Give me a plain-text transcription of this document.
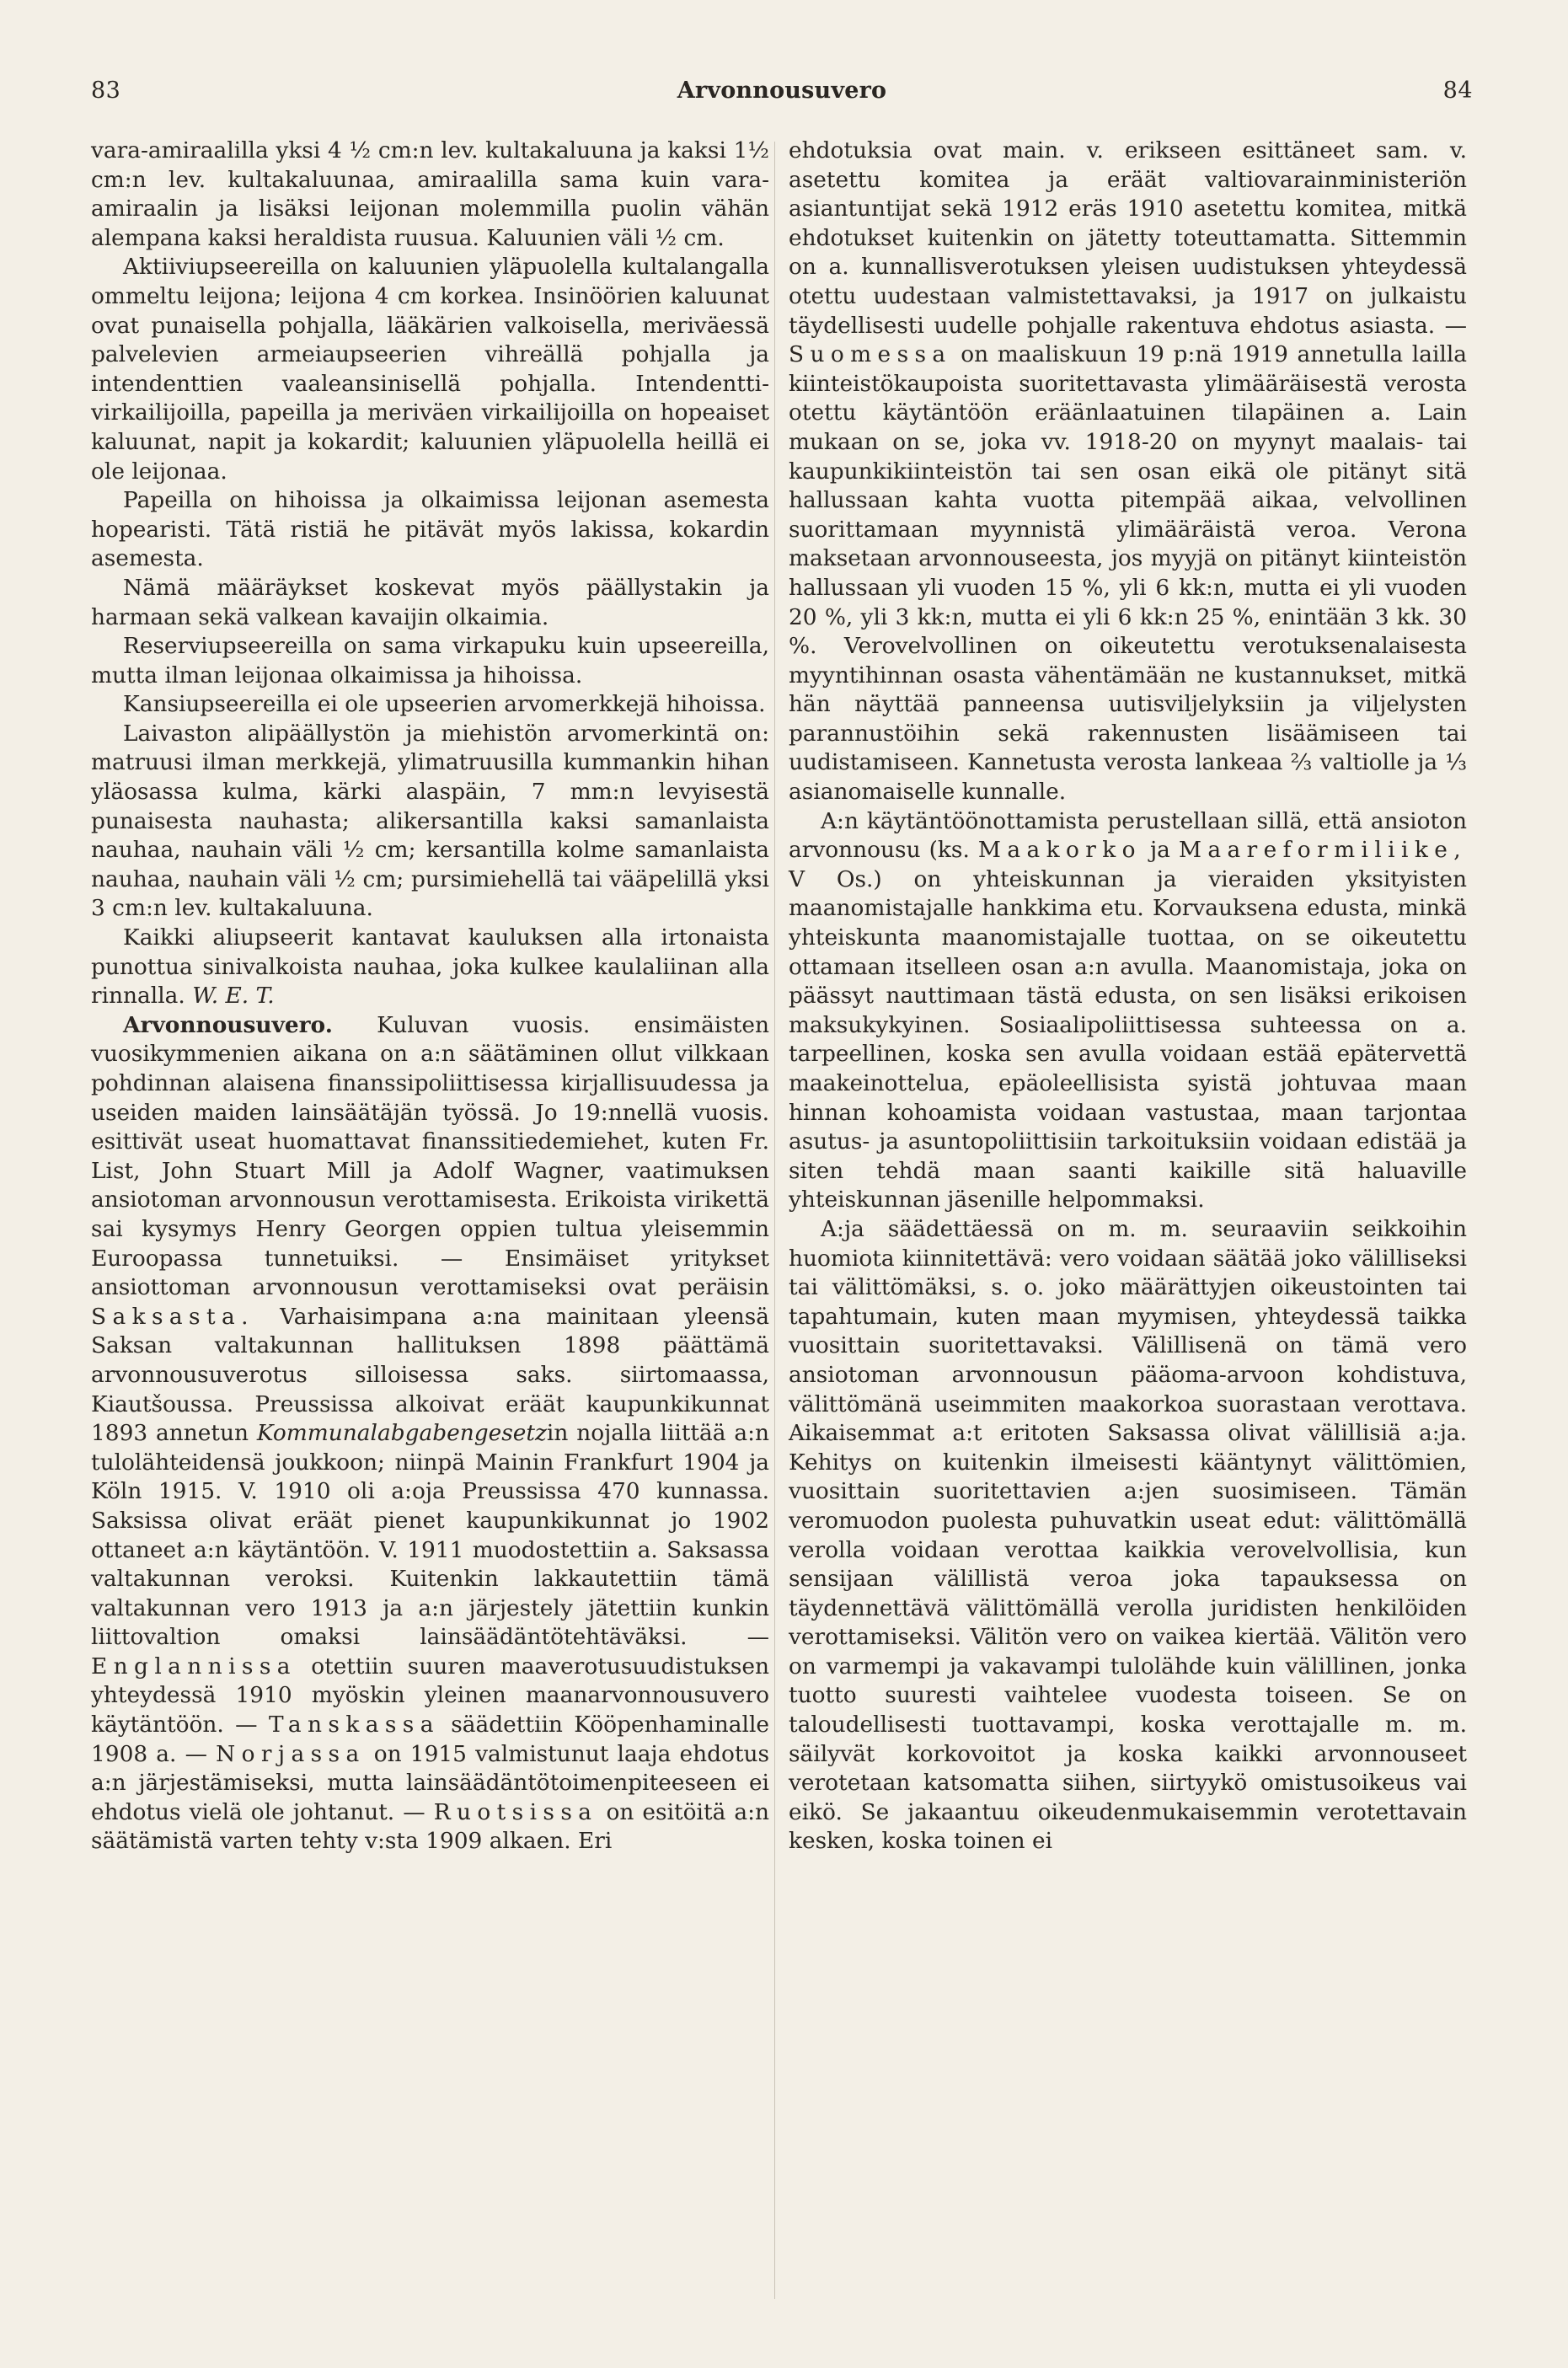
83	Arvonnousuvero	84

vara-amiraalilla yksi 4 ½ cm:n lev. kultakaluuna ja kaksi 1½ cm:n lev. kultakaluunaa, amiraalilla sama kuin vara-amiraalin ja lisäksi leijonan molemmilla puolin vähän alempana kaksi heraldista ruusua. Kaluunien väli ½ cm.

Aktiiviupseereilla on kaluunien yläpuolella kultalangalla ommeltu leijona; leijona 4 cm korkea. Insinöörien kaluunat ovat punaisella pohjalla, lääkärien valkoisella, meriväessä palvelevien armeiaupseerien vihreällä pohjalla ja intendenttien vaaleansinisellä pohjalla. Intendentti-virkailijoilla, papeilla ja meriväen virkailijoilla on hopeaiset kaluunat, napit ja kokardit; kaluunien yläpuolella heillä ei ole leijonaa.

Papeilla on hihoissa ja olkaimissa leijonan asemesta hopearisti. Tätä ristiä he pitävät myös lakissa, kokardin asemesta.

Nämä määräykset koskevat myös päällystakin ja harmaan sekä valkean kavaijin olkaimia.

Reserviupseereilla on sama virkapuku kuin upseereilla, mutta ilman leijonaa olkaimissa ja hihoissa.

Kansiupseereilla ei ole upseerien arvomerkkejä hihoissa.

Laivaston alipäällystön ja miehistön arvomerkintä on: matruusi ilman merkkejä, ylimatruusilla kummankin hihan yläosassa kulma, kärki alaspäin, 7 mm:n levyisestä punaisesta nauhasta; alikersantilla kaksi samanlaista nauhaa, nauhain väli ½ cm; kersantilla kolme samanlaista nauhaa, nauhain väli ½ cm; pursimiehellä tai vääpelillä yksi 3 cm:n lev. kultakaluuna.

Kaikki aliupseerit kantavat kauluksen alla irtonaista punottua sinivalkoista nauhaa, joka kulkee kaulaliinan alla rinnalla. W. E. T.

Arvonnousuvero. Kuluvan vuosis. ensimäisten vuosikymmenien aikana on a:n säätäminen ollut vilkkaan pohdinnan alaisena finanssipoliittisessa kirjallisuudessa ja useiden maiden lainsäätäjän työssä. Jo 19:nnellä vuosis. esittivät useat huomattavat finanssitiedemiehet, kuten Fr. List, John Stuart Mill ja Adolf Wagner, vaatimuksen ansiotoman arvonnousun verottamisesta. Erikoista virikettä sai kysymys Henry Georgen oppien tultua yleisemmin Euroopassa tunnetuiksi. — Ensimäiset yritykset ansiottoman arvonnousun verottamiseksi ovat peräisin Saksasta. Varhaisimpana a:na mainitaan yleensä Saksan valtakunnan hallituksen 1898 päättämä arvonnousuverotus silloisessa saks. siirtomaassa, Kiautšoussa. Preussissa alkoivat eräät kaupunkikunnat 1893 annetun Kommunalabgabengesetzin nojalla liittää a:n tulolähteidensä joukkoon; niinpä Mainin Frankfurt 1904 ja Köln 1915. V. 1910 oli a:oja Preussissa 470 kunnassa. Saksissa olivat eräät pienet kaupunkikunnat jo 1902 ottaneet a:n käytäntöön. V. 1911 muodostettiin a. Saksassa valtakunnan veroksi. Kuitenkin lakkautettiin tämä valtakunnan vero 1913 ja a:n järjestely jätettiin kunkin liittovaltion omaksi lainsäädäntötehtäväksi. — Englannissa otettiin suuren maaverotusuudistuksen yhteydessä 1910 myöskin yleinen maanarvonnousuvero käytäntöön. — Tanskassa säädettiin Kööpenhaminalle 1908 a. — Norjassa on 1915 valmistunut laaja ehdotus a:n järjestämiseksi, mutta lainsäädäntötoimenpiteeseen ei ehdotus vielä ole johtanut. — Ruotsissa on esitöitä a:n säätämistä varten tehty v:sta 1909 alkaen. Eri

ehdotuksia ovat main. v. erikseen esittäneet sam. v. asetettu komitea ja eräät valtiovarainministeriön asiantuntijat sekä 1912 eräs 1910 asetettu komitea, mitkä ehdotukset kuitenkin on jätetty toteuttamatta. Sittemmin on a. kunnallisverotuksen yleisen uudistuksen yhteydessä otettu uudestaan valmistettavaksi, ja 1917 on julkaistu täydellisesti uudelle pohjalle rakentuva ehdotus asiasta. — Suomessa on maaliskuun 19 p:nä 1919 annetulla lailla kiinteistökaupoista suoritettavasta ylimääräisestä verosta otettu käytäntöön eräänlaatuinen tilapäinen a. Lain mukaan on se, joka vv. 1918-20 on myynyt maalais- tai kaupunkikiinteistön tai sen osan eikä ole pitänyt sitä hallussaan kahta vuotta pitempää aikaa, velvollinen suorittamaan myynnistä ylimääräistä veroa. Verona maksetaan arvonnouseesta, jos myyjä on pitänyt kiinteistön hallussaan yli vuoden 15 %, yli 6 kk:n, mutta ei yli vuoden 20 %, yli 3 kk:n, mutta ei yli 6 kk:n 25 %, enintään 3 kk. 30 %. Verovelvollinen on oikeutettu verotuksenalaisesta myyntihinnan osasta vähentämään ne kustannukset, mitkä hän näyttää panneensa uutisviljelyksiin ja viljelysten parannustöihin sekä rakennusten lisäämiseen tai uudistamiseen. Kannetusta verosta lankeaa ⅔ valtiolle ja ⅓ asianomaiselle kunnalle.

A:n käytäntöönottamista perustellaan sillä, että ansioton arvonnousu (ks. Maakorko ja Maareformiliike, V Os.) on yhteiskunnan ja vieraiden yksityisten maanomistajalle hankkima etu. Korvauksena edusta, minkä yhteiskunta maanomistajalle tuottaa, on se oikeutettu ottamaan itselleen osan a:n avulla. Maanomistaja, joka on päässyt nauttimaan tästä edusta, on sen lisäksi erikoisen maksukykyinen. Sosiaalipoliittisessa suhteessa on a. tarpeellinen, koska sen avulla voidaan estää epätervettä maakeinottelua, epäoleellisista syistä johtuvaa maan hinnan kohoamista voidaan vastustaa, maan tarjontaa asutus- ja asuntopoliittisiin tarkoituksiin voidaan edistää ja siten tehdä maan saanti kaikille sitä haluaville yhteiskunnan jäsenille helpommaksi.

A:ja säädettäessä on m. m. seuraaviin seikkoihin huomiota kiinnitettävä: vero voidaan säätää joko välilliseksi tai välittömäksi, s. o. joko määrättyjen oikeustointen tai tapahtumain, kuten maan myymisen, yhteydessä taikka vuosittain suoritettavaksi. Välillisenä on tämä vero ansiotoman arvonnousun pääoma-arvoon kohdistuva, välittömänä useimmiten maakorkoa suorastaan verottava. Aikaisemmat a:t eritoten Saksassa olivat välillisiä a:ja. Kehitys on kuitenkin ilmeisesti kääntynyt välittömien, vuosittain suoritettavien a:jen suosimiseen. Tämän veromuodon puolesta puhuvatkin useat edut: välittömällä verolla voidaan verottaa kaikkia verovelvollisia, kun sensijaan välillistä veroa joka tapauksessa on täydennettävä välittömällä verolla juridisten henkilöiden verottamiseksi. Välitön vero on vaikea kiertää. Välitön vero on varmempi ja vakavampi tulolähde kuin välillinen, jonka tuotto suuresti vaihtelee vuodesta toiseen. Se on taloudellisesti tuottavampi, koska verottajalle m. m. säilyvät korkovoitot ja koska kaikki arvonnouseet verotetaan katsomatta siihen, siirtyykö omistusoikeus vai eikö. Se jakaantuu oikeudenmukaisemmin verotettavain kesken, koska toinen ei
